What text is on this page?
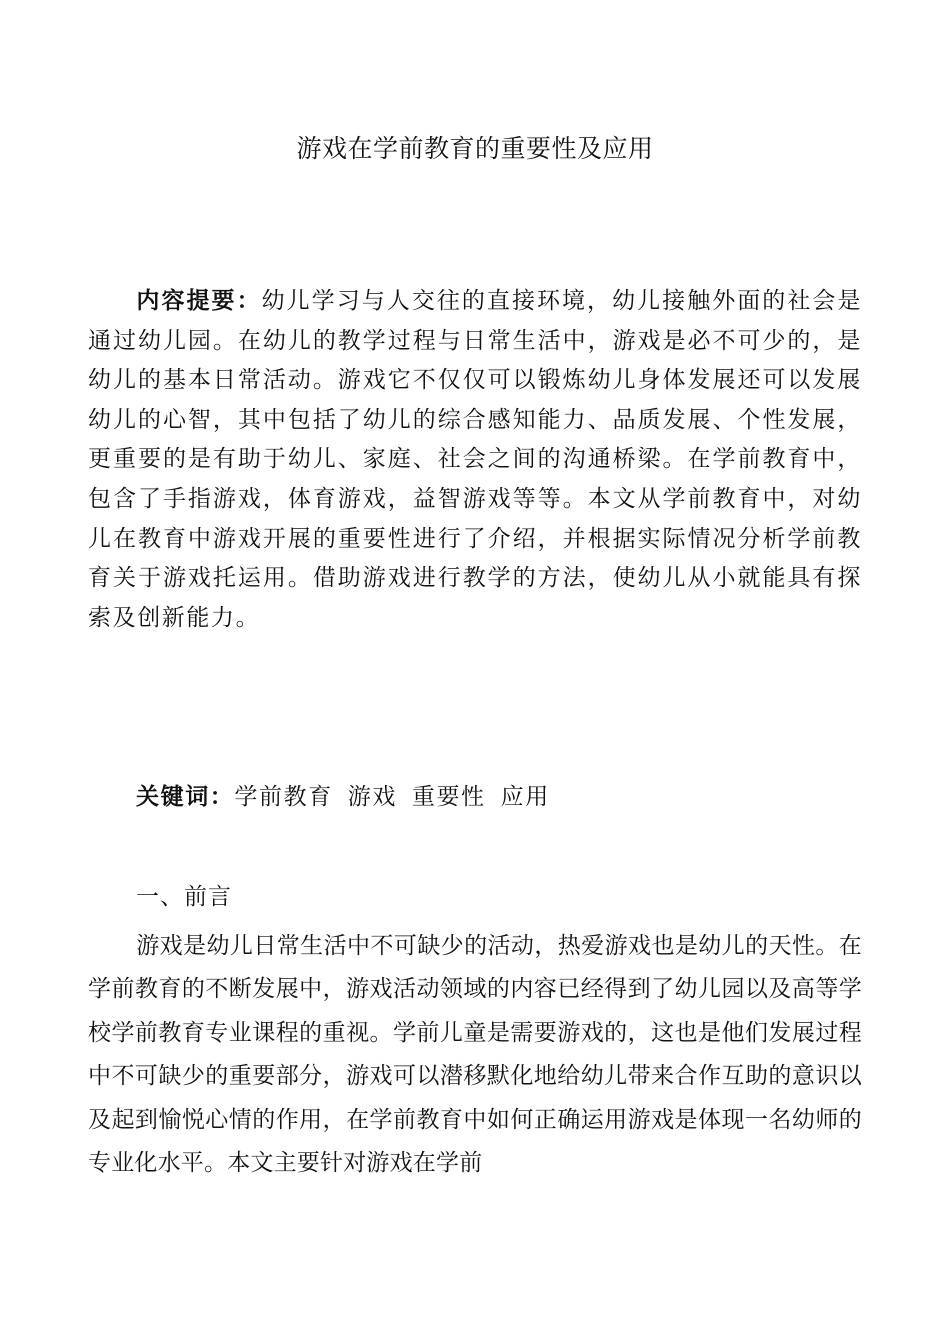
游戏在学前教育的重要性及应用
内容提要：幼儿学习与人交往的直接环境，幼儿接触外面的社会是通过幼儿园。在幼儿的教学过程与日常生活中，游戏是必不可少的，是幼儿的基本日常活动。游戏它不仅仅可以锻炼幼儿身体发展还可以发展幼儿的心智，其中包括了幼儿的综合感知能力、品质发展、个性发展，更重要的是有助于幼儿、家庭、社会之间的沟通桥梁。在学前教育中，包含了手指游戏，体育游戏，益智游戏等等。本文从学前教育中，对幼儿在教育中游戏开展的重要性进行了介绍，并根据实际情况分析学前教育关于游戏托运用。借助游戏进行教学的方法，使幼儿从小就能具有探索及创新能力。
关键词：学前教育 游戏 重要性 应用
一、前言
游戏是幼儿日常生活中不可缺少的活动，热爱游戏也是幼儿的天性。在学前教育的不断发展中，游戏活动领域的内容已经得到了幼儿园以及高等学校学前教育专业课程的重视。学前儿童是需要游戏的，这也是他们发展过程中不可缺少的重要部分，游戏可以潜移默化地给幼儿带来合作互助的意识以及起到愉悦心情的作用，在学前教育中如何正确运用游戏是体现一名幼师的专业化水平。本文主要针对游戏在学前
